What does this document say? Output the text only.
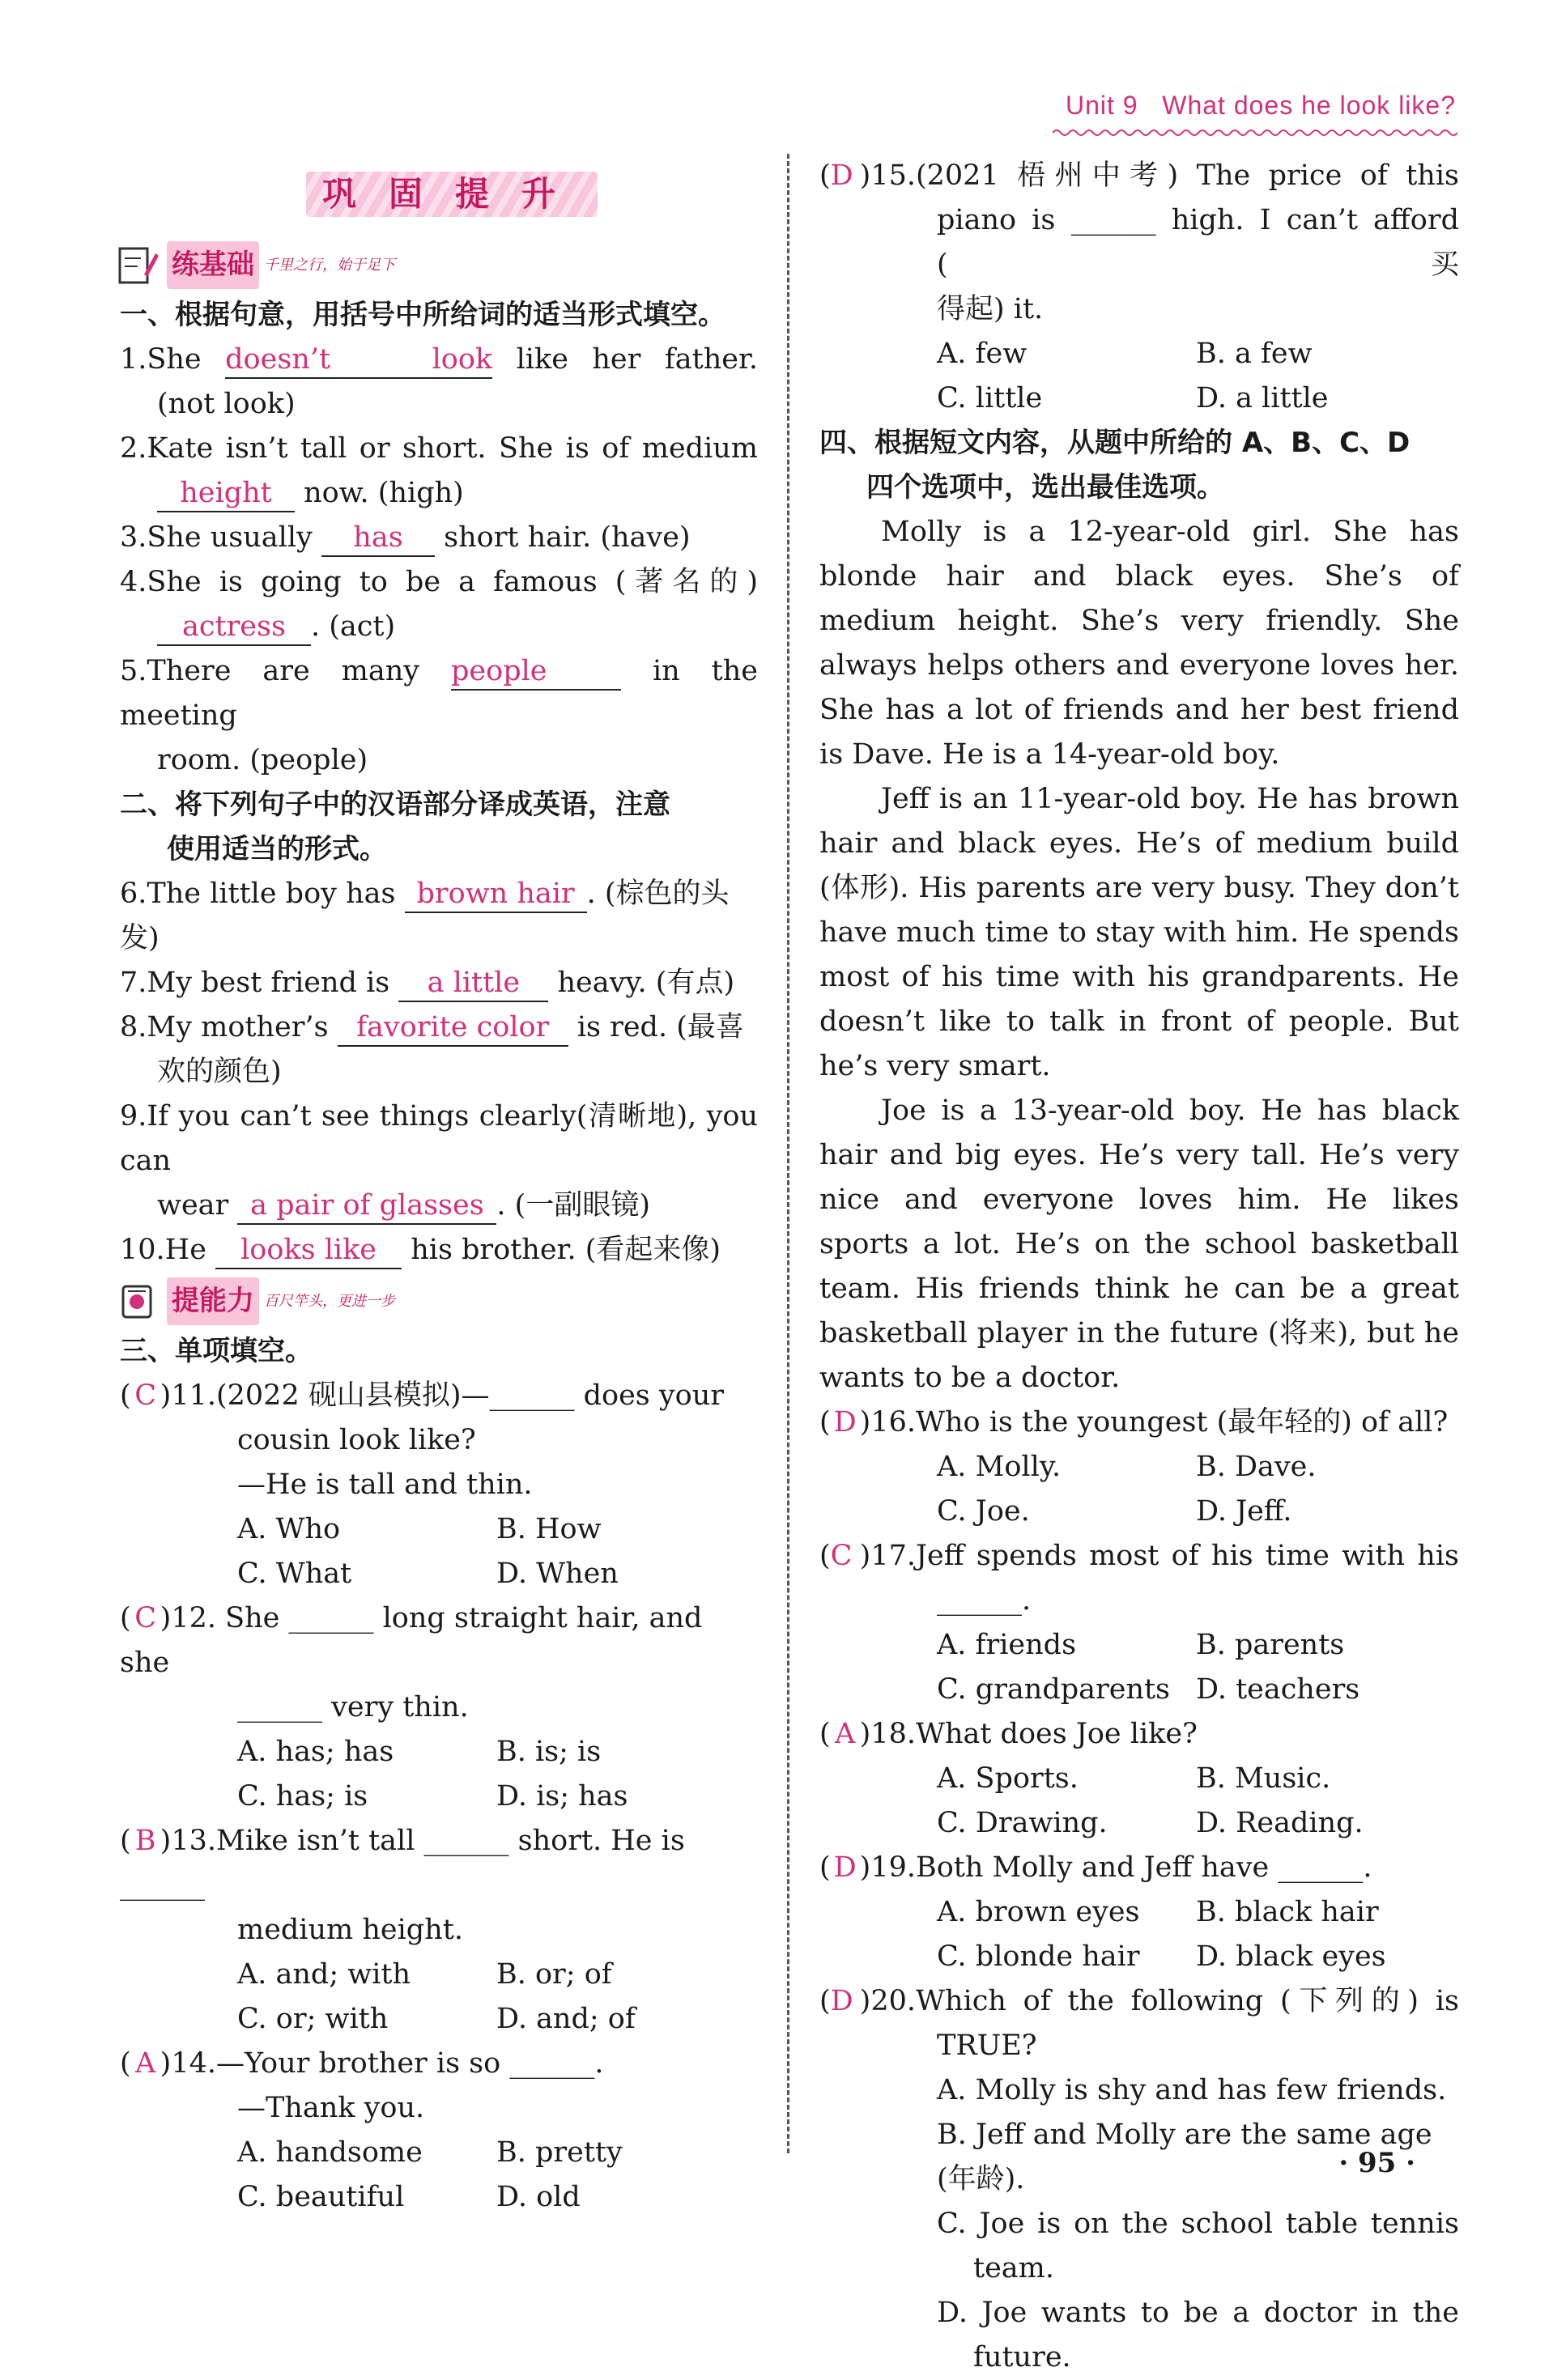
Unit 9 What does he look like?
巩固提升
练基础 千里之行，始于足下

一、根据句意，用括号中所给词的适当形式填空。

1.She doesn’t look like her father.

(not look)

2.Kate isn’t tall or short. She is of medium

height now. (high)

3.She usually has short hair. (have)

4.She is going to be a famous (著名的)

actress . (act)

5.There are many people	in the meeting

room. (people)

二、将下列句子中的汉语部分译成英语，注意

使用适当的形式。

6.The little boy has brown hair . (棕色的头发)

7.My best friend is a little heavy. (有点)

8.My mother’s favorite color is red. (最喜

欢的颜色)

9.If you can’t see things clearly(清晰地), you can

wear a pair of glasses . (一副眼镜)

10.He looks like his brother. (看起来像)

提能力 百尺竿头，更进一步

三、单项填空。

( C )11.(2022 砚山县模拟)—______ does your

cousin look like?

—He is tall and thin.

A. Who	B. How
C. What	D. When

( C )12. She ______ long straight hair, and she

______ very thin.

A. has; has	B. is; is
C. has; is	D. is; has

( B )13.Mike isn’t tall ______ short. He is ______

medium height.

A. and; with	B. or; of
C. or; with	D. and; of

( A )14.—Your brother is so ______.

—Thank you.

A. handsome	B. pretty
C. beautiful	D. old

(D )15.(2021 梧州中考) The price of this

piano is ______ high. I can’t afford (买

得起) it.

A. few	B. a few
C. little	D. a little

四、根据短文内容，从题中所给的 A、B、C、D

四个选项中，选出最佳选项。

Molly is a 12-year-old girl. She has blonde hair and black eyes. She’s of medium height. She’s very friendly. She always helps others and everyone loves her. She has a lot of friends and her best friend is Dave. He is a 14-year-old boy.

Jeff is an 11-year-old boy. He has brown hair and black eyes. He’s of medium build (体形). His parents are very busy. They don’t have much time to stay with him. He spends most of his time with his grandparents. He doesn’t like to talk in front of people. But he’s very smart.

Joe is a 13-year-old boy. He has black hair and big eyes. He’s very tall. He’s very nice and everyone loves him. He likes sports a lot. He’s on the school basketball team. His friends think he can be a great basketball player in the future (将来), but he wants to be a doctor.

( D )16.Who is the youngest (最年轻的) of all?

A. Molly.	B. Dave.
C. Joe.	D. Jeff.

(C )17.Jeff spends most of his time with his

______.

A. friends	B. parents
C. grandparents D. teachers

( A )18.What does Joe like?

A. Sports.	B. Music.
C. Drawing.	D. Reading.

( D )19.Both Molly and Jeff have ______.

A. brown eyes	B. black hair
C. blonde hair	D. black eyes

(D )20.Which of the following (下列的) is

TRUE?

A. Molly is shy and has few friends.

B. Jeff and Molly are the same age (年龄).

C. Joe is on the school table tennis

team.

D. Joe wants to be a doctor in the

future.

· 95 ·
